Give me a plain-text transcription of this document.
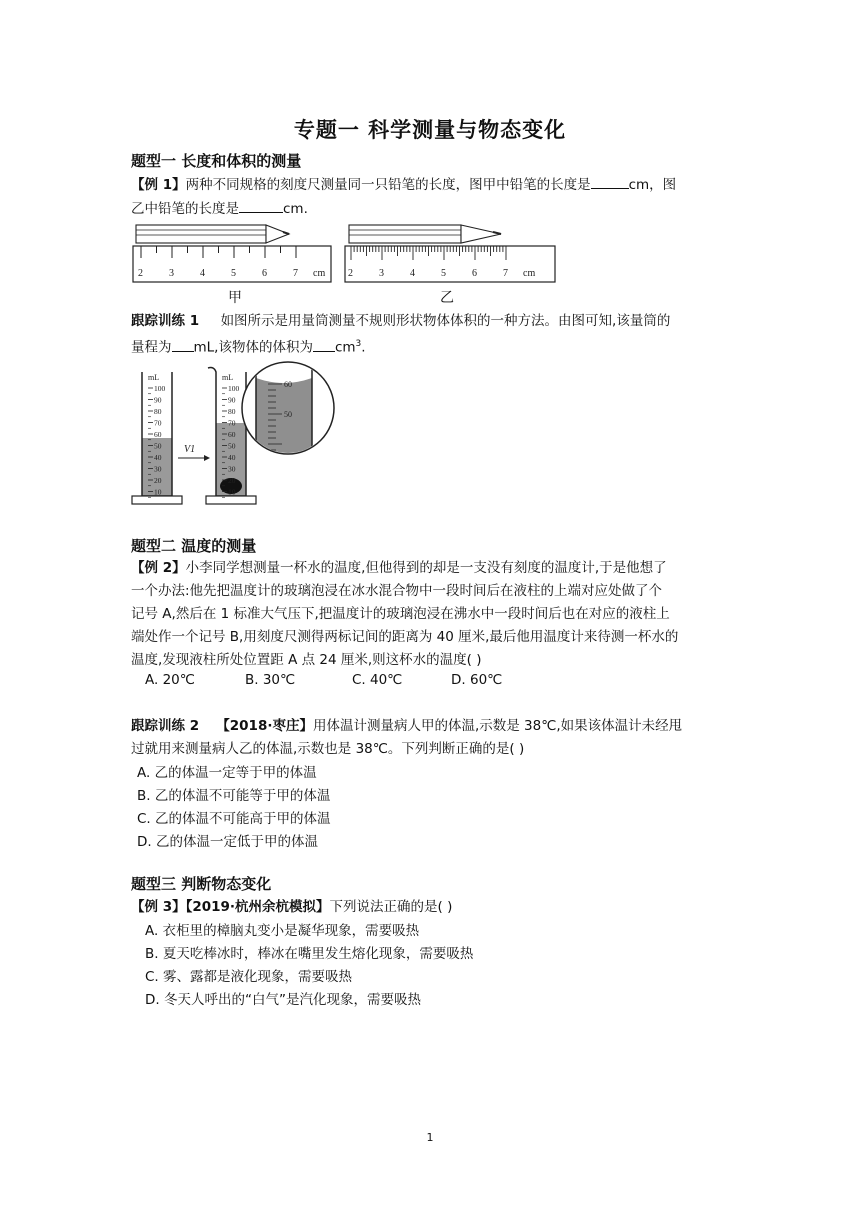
专题一 科学测量与物态变化
题型一 长度和体积的测量
【例 1】两种不同规格的刻度尺测量同一只铅笔的长度，图甲中铅笔的长度是	cm，图
乙中铅笔的长度是	cm.
2	3	4	5	6	7 cm 2	3	4	5	6	7 cm
甲	乙
跟踪训练 1 如图所示是用量筒测量不规则形状物体体积的一种方法。由图可知,该量筒的
量程为 mL,该物体的体积为 $cm^3$.
100
90
80
70
60
50
40
30
20
10
mL
V1
100
90
80
70
60
50
40
30
20
10
mL
60
50
题型二 温度的测量
【例 2】小李同学想测量一杯水的温度,但他得到的却是一支没有刻度的温度计,于是他想了
一个办法:他先把温度计的玻璃泡浸在冰水混合物中一段时间后在液柱的上端对应处做了个
记号 A,然后在 1 标准大气压下,把温度计的玻璃泡浸在沸水中一段时间后也在对应的液柱上
端处作一个记号 B,用刻度尺测得两标记间的距离为 40 厘米,最后他用温度计来待测一杯水的
温度,发现液柱所处位置距 A 点 24 厘米,则这杯水的温度( )
A. 20℃	B. 30℃	C. 40℃	D. 60℃
跟踪训练 2 【2018·枣庄】用体温计测量病人甲的体温,示数是 38℃,如果该体温计未经甩
过就用来测量病人乙的体温,示数也是 38℃。下列判断正确的是( )
A. 乙的体温一定等于甲的体温
B. 乙的体温不可能等于甲的体温
C. 乙的体温不可能高于甲的体温
D. 乙的体温一定低于甲的体温
题型三 判断物态变化
【例 3】【2019·杭州余杭模拟】下列说法正确的是( )
A. 衣柜里的樟脑丸变小是凝华现象，需要吸热
B. 夏天吃棒冰时，棒冰在嘴里发生熔化现象，需要吸热
C. 雾、露都是液化现象，需要吸热
D. 冬天人呼出的“白气”是汽化现象，需要吸热
1
